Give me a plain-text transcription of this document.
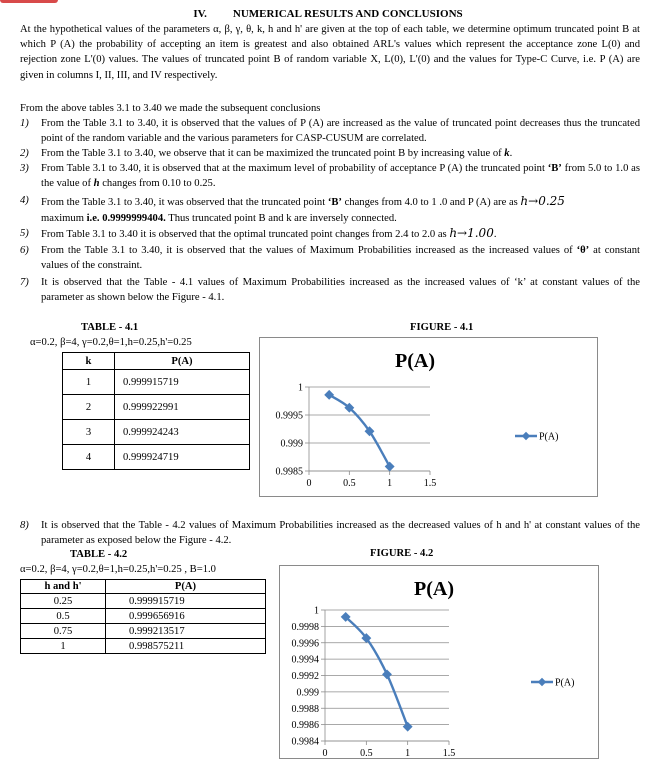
IV. NUMERICAL RESULTS AND CONCLUSIONS
At the hypothetical values of the parameters α, β, γ, θ, k, h and h' are given at the top of each table, we determine optimum truncated point B at which P (A) the probability of accepting an item is greatest and also obtained ARL's values which represent the acceptance zone L(0) and rejection zone L'(0) values. The values of truncated point B of random variable X, L(0), L'(0) and the values for Type-C Curve, i.e. P (A) are given in columns I, II, III, and IV respectively.
From the above tables 3.1 to 3.40 we made the subsequent conclusions
1) From the Table 3.1 to 3.40, it is observed that the values of P (A) are increased as the value of truncated point decreases thus the truncated point of the random variable and the various parameters for CASP-CUSUM are correlated.
2) From the Table 3.1 to 3.40, we observe that it can be maximized the truncated point B by increasing value of k.
3) From Table 3.1 to 3.40, it is observed that at the maximum level of probability of acceptance P (A) the truncated point ‘B’ from 5.0 to 1.0 as the value of h changes from 0.10 to 0.25.
4) From the Table 3.1 to 3.40, it was observed that the truncated point ‘B’ changes from 4.0 to 1 .0 and P (A) are as h→0.25
maximum i.e. 0.9999999404. Thus truncated point B and k are inversely connected.
5) From Table 3.1 to 3.40 it is observed that the optimal truncated point changes from 2.4 to 2.0 as h→1.00.
6) From the Table 3.1 to 3.40, it is observed that the values of Maximum Probabilities increased as the increased values of ‘θ’ at constant values of the constraint.
7) It is observed that the Table - 4.1 values of Maximum Probabilities increased as the increased values of ‘k’ at constant values of the parameter as shown below the Figure - 4.1.
TABLE - 4.1
α=0.2, β=4, γ=0.2,θ=1,h=0.25,h'=0.25
k	P(A)
1	0.999915719
2	0.999922991
3	0.999924243
4	0.999924719
FIGURE - 4.1
P(A)
0.9985
0.999
0.9995
1
0	0.5	1	1.5
P(A)
8) It is observed that the Table - 4.2 values of Maximum Probabilities increased as the decreased values of h and h' at constant values of the parameter as exposed below the Figure - 4.2.
TABLE - 4.2
α=0.2, β=4, γ=0.2,θ=1,h=0.25,h'=0.25 , B=1.0
h and h'	P(A)
0.25	0.999915719
0.5	0.999656916
0.75	0.999213517
1	0.998575211
FIGURE - 4.2
P(A)
0.9984
0.9986
0.9988
0.999
0.9992
0.9994
0.9996
0.9998
1
0	0.5	1	1.5
P(A)
